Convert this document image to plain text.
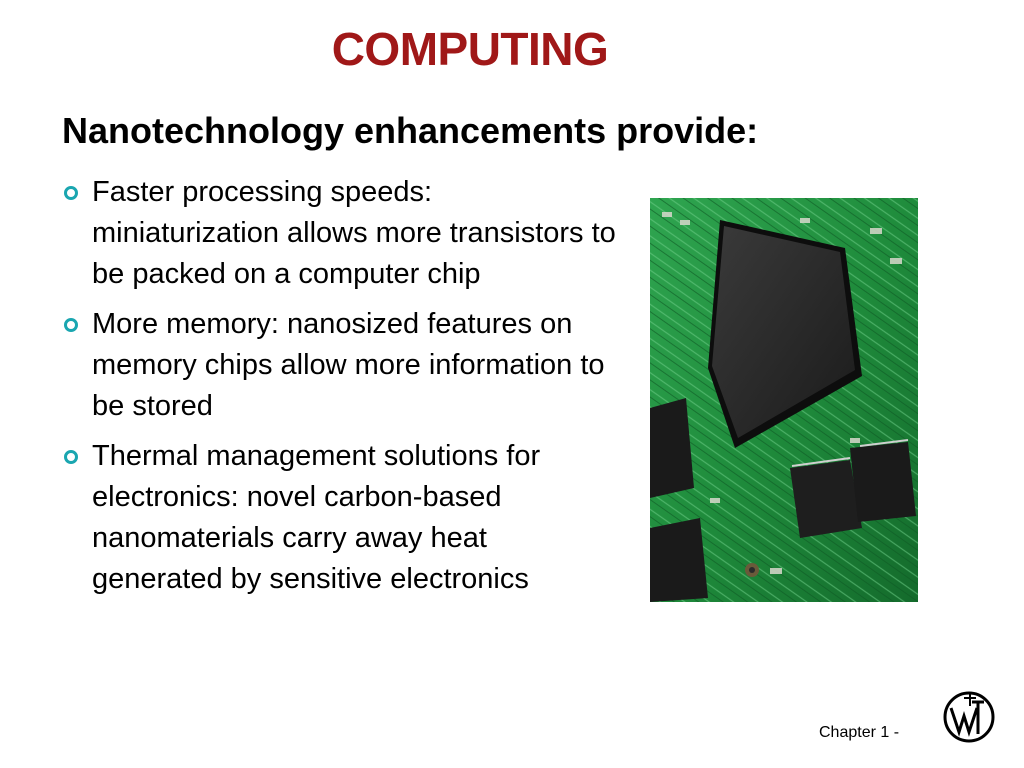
COMPUTING
Nanotechnology enhancements provide:
Faster processing speeds: miniaturization allows more transistors to be packed on a computer chip
More memory: nanosized features on memory chips allow more information to be stored
Thermal management solutions for electronics: novel carbon-based nanomaterials carry away heat generated by sensitive electronics
Chapter 1 -
